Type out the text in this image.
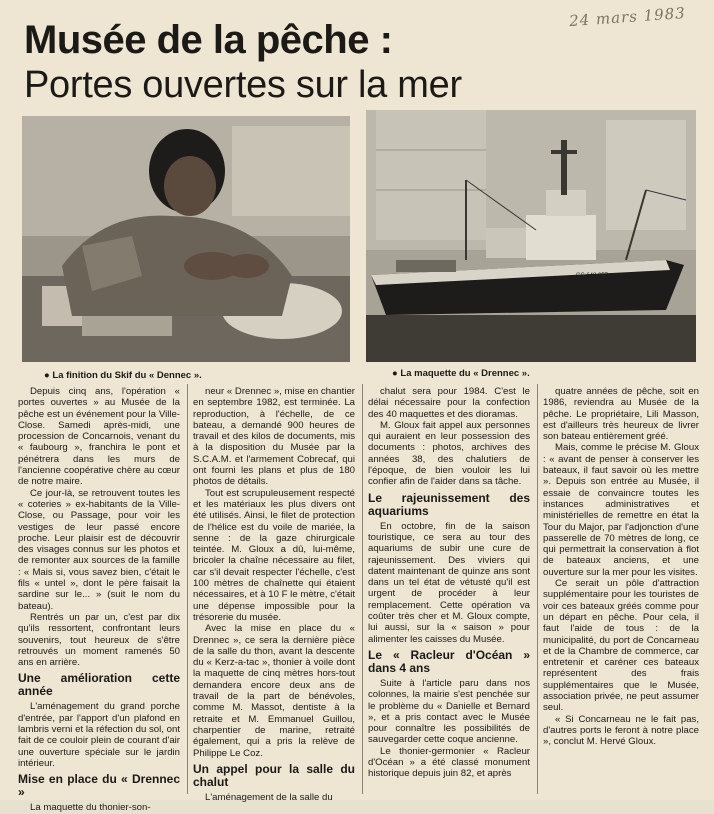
24 mars 1983
Musée de la pêche :
Portes ouvertes sur la mer
● La finition du Skif du « Dennec ».
CC 648 057
● La maquette du « Drennec ».

Depuis cinq ans, l'opération « portes ouvertes » au Musée de la pêche est un événement pour la Ville-Close. Samedi après-midi, une procession de Concarnois, venant du « faubourg », franchira le pont et pénétrera dans les murs de l'ancienne coopérative chère au cœur de notre maire.

Ce jour-là, se retrouvent toutes les « coteries » ex-habitants de la Ville-Close, ou Passage, pour voir les vestiges de leur passé encore proche. Leur plaisir est de découvrir des visages connus sur les photos et de remonter aux sources de la famille : « Mais si, vous savez bien, c'était le fils « untel », dont le père faisait la sardine sur le... » (suit le nom du bateau).

Rentrés un par un, c'est par dix qu'ils ressortent, confrontant leurs souvenirs, tout heureux de s'être retrouvés un moment ramenés 50 ans en arrière.

Une amélioration cette année

L'aménagement du grand porche d'entrée, par l'apport d'un plafond en lambris verni et la réfection du sol, ont fait de ce couloir plein de courant d'air une ouverture spéciale sur le jardin intérieur.

Mise en place du « Drennec »

La maquette du thonier-son-

neur « Drennec », mise en chantier en septembre 1982, est terminée. La reproduction, à l'échelle, de ce bateau, a demandé 900 heures de travail et des kilos de documents, mis à la disposition du Musée par la S.C.A.M. et l'armement Cobrecaf, qui ont fourni les plans et plus de 180 photos de détails.

Tout est scrupuleusement respecté et les matériaux les plus divers ont été utilisés. Ainsi, le filet de protection de l'hélice est du voile de mariée, la senne : de la gaze chirurgicale teintée. M. Gloux a dû, lui-même, bricoler la chaîne nécessaire au filet, car s'il devait respecter l'échelle, c'est 100 mètres de chaînette qui étaient nécessaires, et à 10 F le mètre, c'était une dépense impossible pour la trésorerie du musée.

Avec la mise en place du « Drennec », ce sera la dernière pièce de la salle du thon, avant la descente du « Kerz-a-tac », thonier à voile dont la maquette de cinq mètres hors-tout demandera encore deux ans de travail de la part de bénévoles, comme M. Massot, dentiste à la retraite et M. Emmanuel Guillou, charpentier de marine, retraité également, qui a pris la relève de Philippe Le Coz.

Un appel pour la salle du chalut

L'aménagement de la salle du

chalut sera pour 1984. C'est le délai nécessaire pour la confection des 40 maquettes et des dioramas.

M. Gloux fait appel aux personnes qui auraient en leur possession des documents : photos, archives des années 38, des chalutiers de l'époque, de bien vouloir les lui confier afin de l'aider dans sa tâche.

Le rajeunissement des aquariums

En octobre, fin de la saison touristique, ce sera au tour des aquariums de subir une cure de rajeunissement. Des viviers qui datent maintenant de quinze ans sont dans un tel état de vétusté qu'il est urgent de procéder à leur remplacement. Cette opération va coûter très cher et M. Gloux compte, lui aussi, sur la « saison » pour alimenter les caisses du Musée.

Le « Racleur d'Océan » dans 4 ans

Suite à l'article paru dans nos colonnes, la mairie s'est penchée sur le problème du « Danielle et Bernard », et a pris contact avec le Musée pour connaître les possibilités de sauvegarder cette coque ancienne.

Le thonier-germonier « Racleur d'Océan » a été classé monument historique depuis juin 82, et après

quatre années de pêche, soit en 1986, reviendra au Musée de la pêche. Le propriétaire, Lili Masson, est d'ailleurs très heureux de livrer son bateau entièrement gréé.

Mais, comme le précise M. Gloux : « avant de penser à conserver les bateaux, il faut savoir où les mettre ». Depuis son entrée au Musée, il essaie de convaincre toutes les instances administratives et ministérielles de remettre en état la Tour du Major, par l'adjonction d'une passerelle de 70 mètres de long, ce qui permettrait la conservation à flot de bateaux anciens, et une ouverture sur la mer pour les visites.

Ce serait un pôle d'attraction supplémentaire pour les touristes de voir ces bateaux gréés comme pour un départ en pêche. Pour cela, il faut l'aide de tous : de la municipalité, du port de Concarneau et de la Chambre de commerce, car entretenir et caréner ces bateaux représentent des frais supplémentaires que le Musée, association privée, ne peut assumer seul.

« Si Concarneau ne le fait pas, d'autres ports le feront à notre place », conclut M. Hervé Gloux.
